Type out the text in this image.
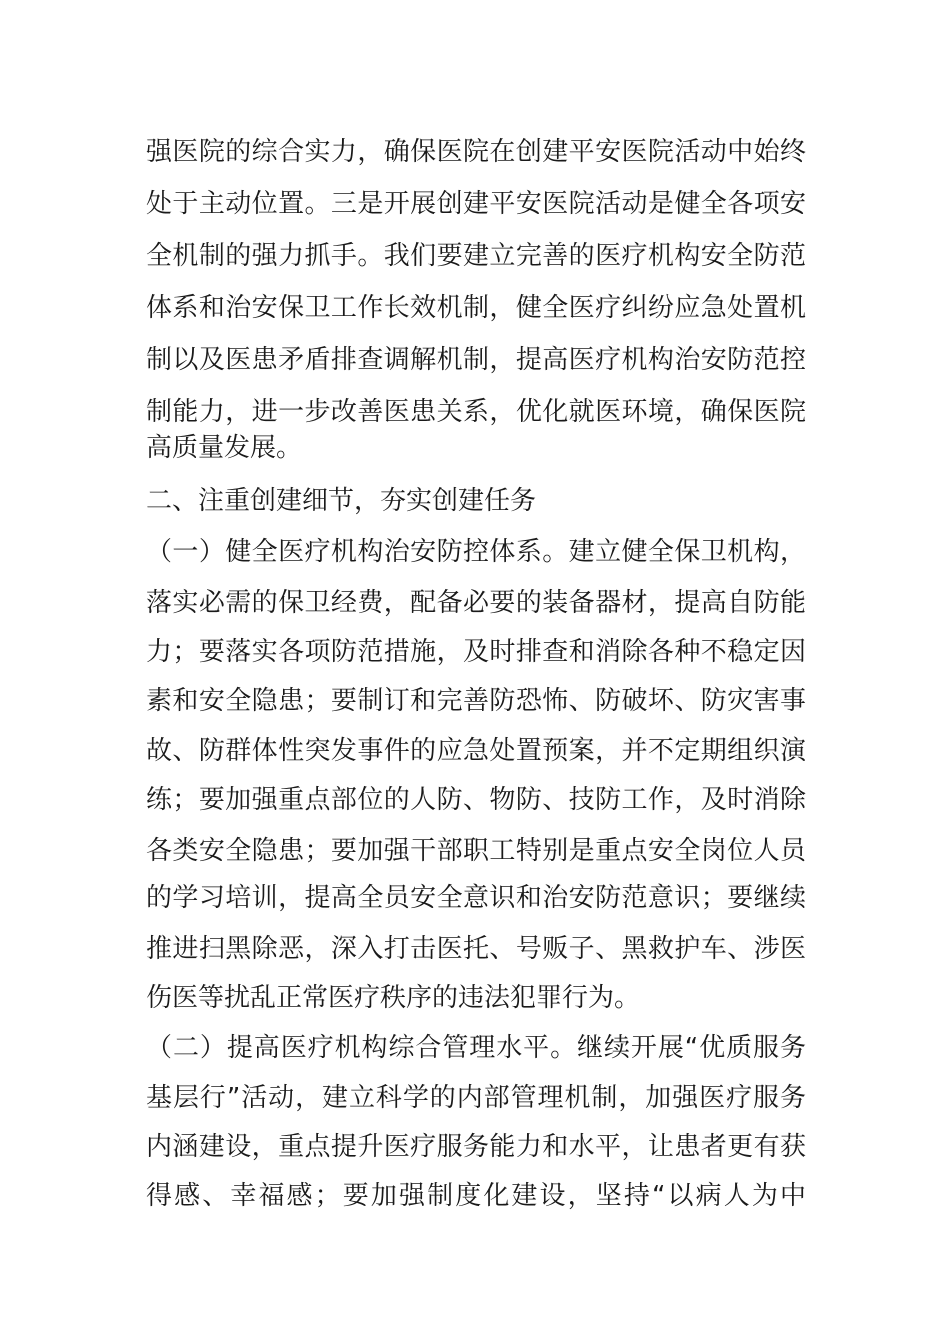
强医院的综合实力，确保医院在创建平安医院活动中始终
处于主动位置。三是开展创建平安医院活动是健全各项安
全机制的强力抓手。我们要建立完善的医疗机构安全防范
体系和治安保卫工作长效机制，健全医疗纠纷应急处置机
制以及医患矛盾排查调解机制，提高医疗机构治安防范控
制能力，进一步改善医患关系，优化就医环境，确保医院
高质量发展。
二、注重创建细节，夯实创建任务
（一）健全医疗机构治安防控体系。建立健全保卫机构，
落实必需的保卫经费，配备必要的装备器材，提高自防能
力；要落实各项防范措施，及时排查和消除各种不稳定因
素和安全隐患；要制订和完善防恐怖、防破坏、防灾害事
故、防群体性突发事件的应急处置预案，并不定期组织演
练；要加强重点部位的人防、物防、技防工作，及时消除
各类安全隐患；要加强干部职工特别是重点安全岗位人员
的学习培训，提高全员安全意识和治安防范意识；要继续
推进扫黑除恶，深入打击医托、号贩子、黑救护车、涉医
伤医等扰乱正常医疗秩序的违法犯罪行为。
（二）提高医疗机构综合管理水平。继续开展“优质服务
基层行”活动，建立科学的内部管理机制，加强医疗服务
内涵建设，重点提升医疗服务能力和水平，让患者更有获
得感、幸福感；要加强制度化建设，坚持“以病人为中
